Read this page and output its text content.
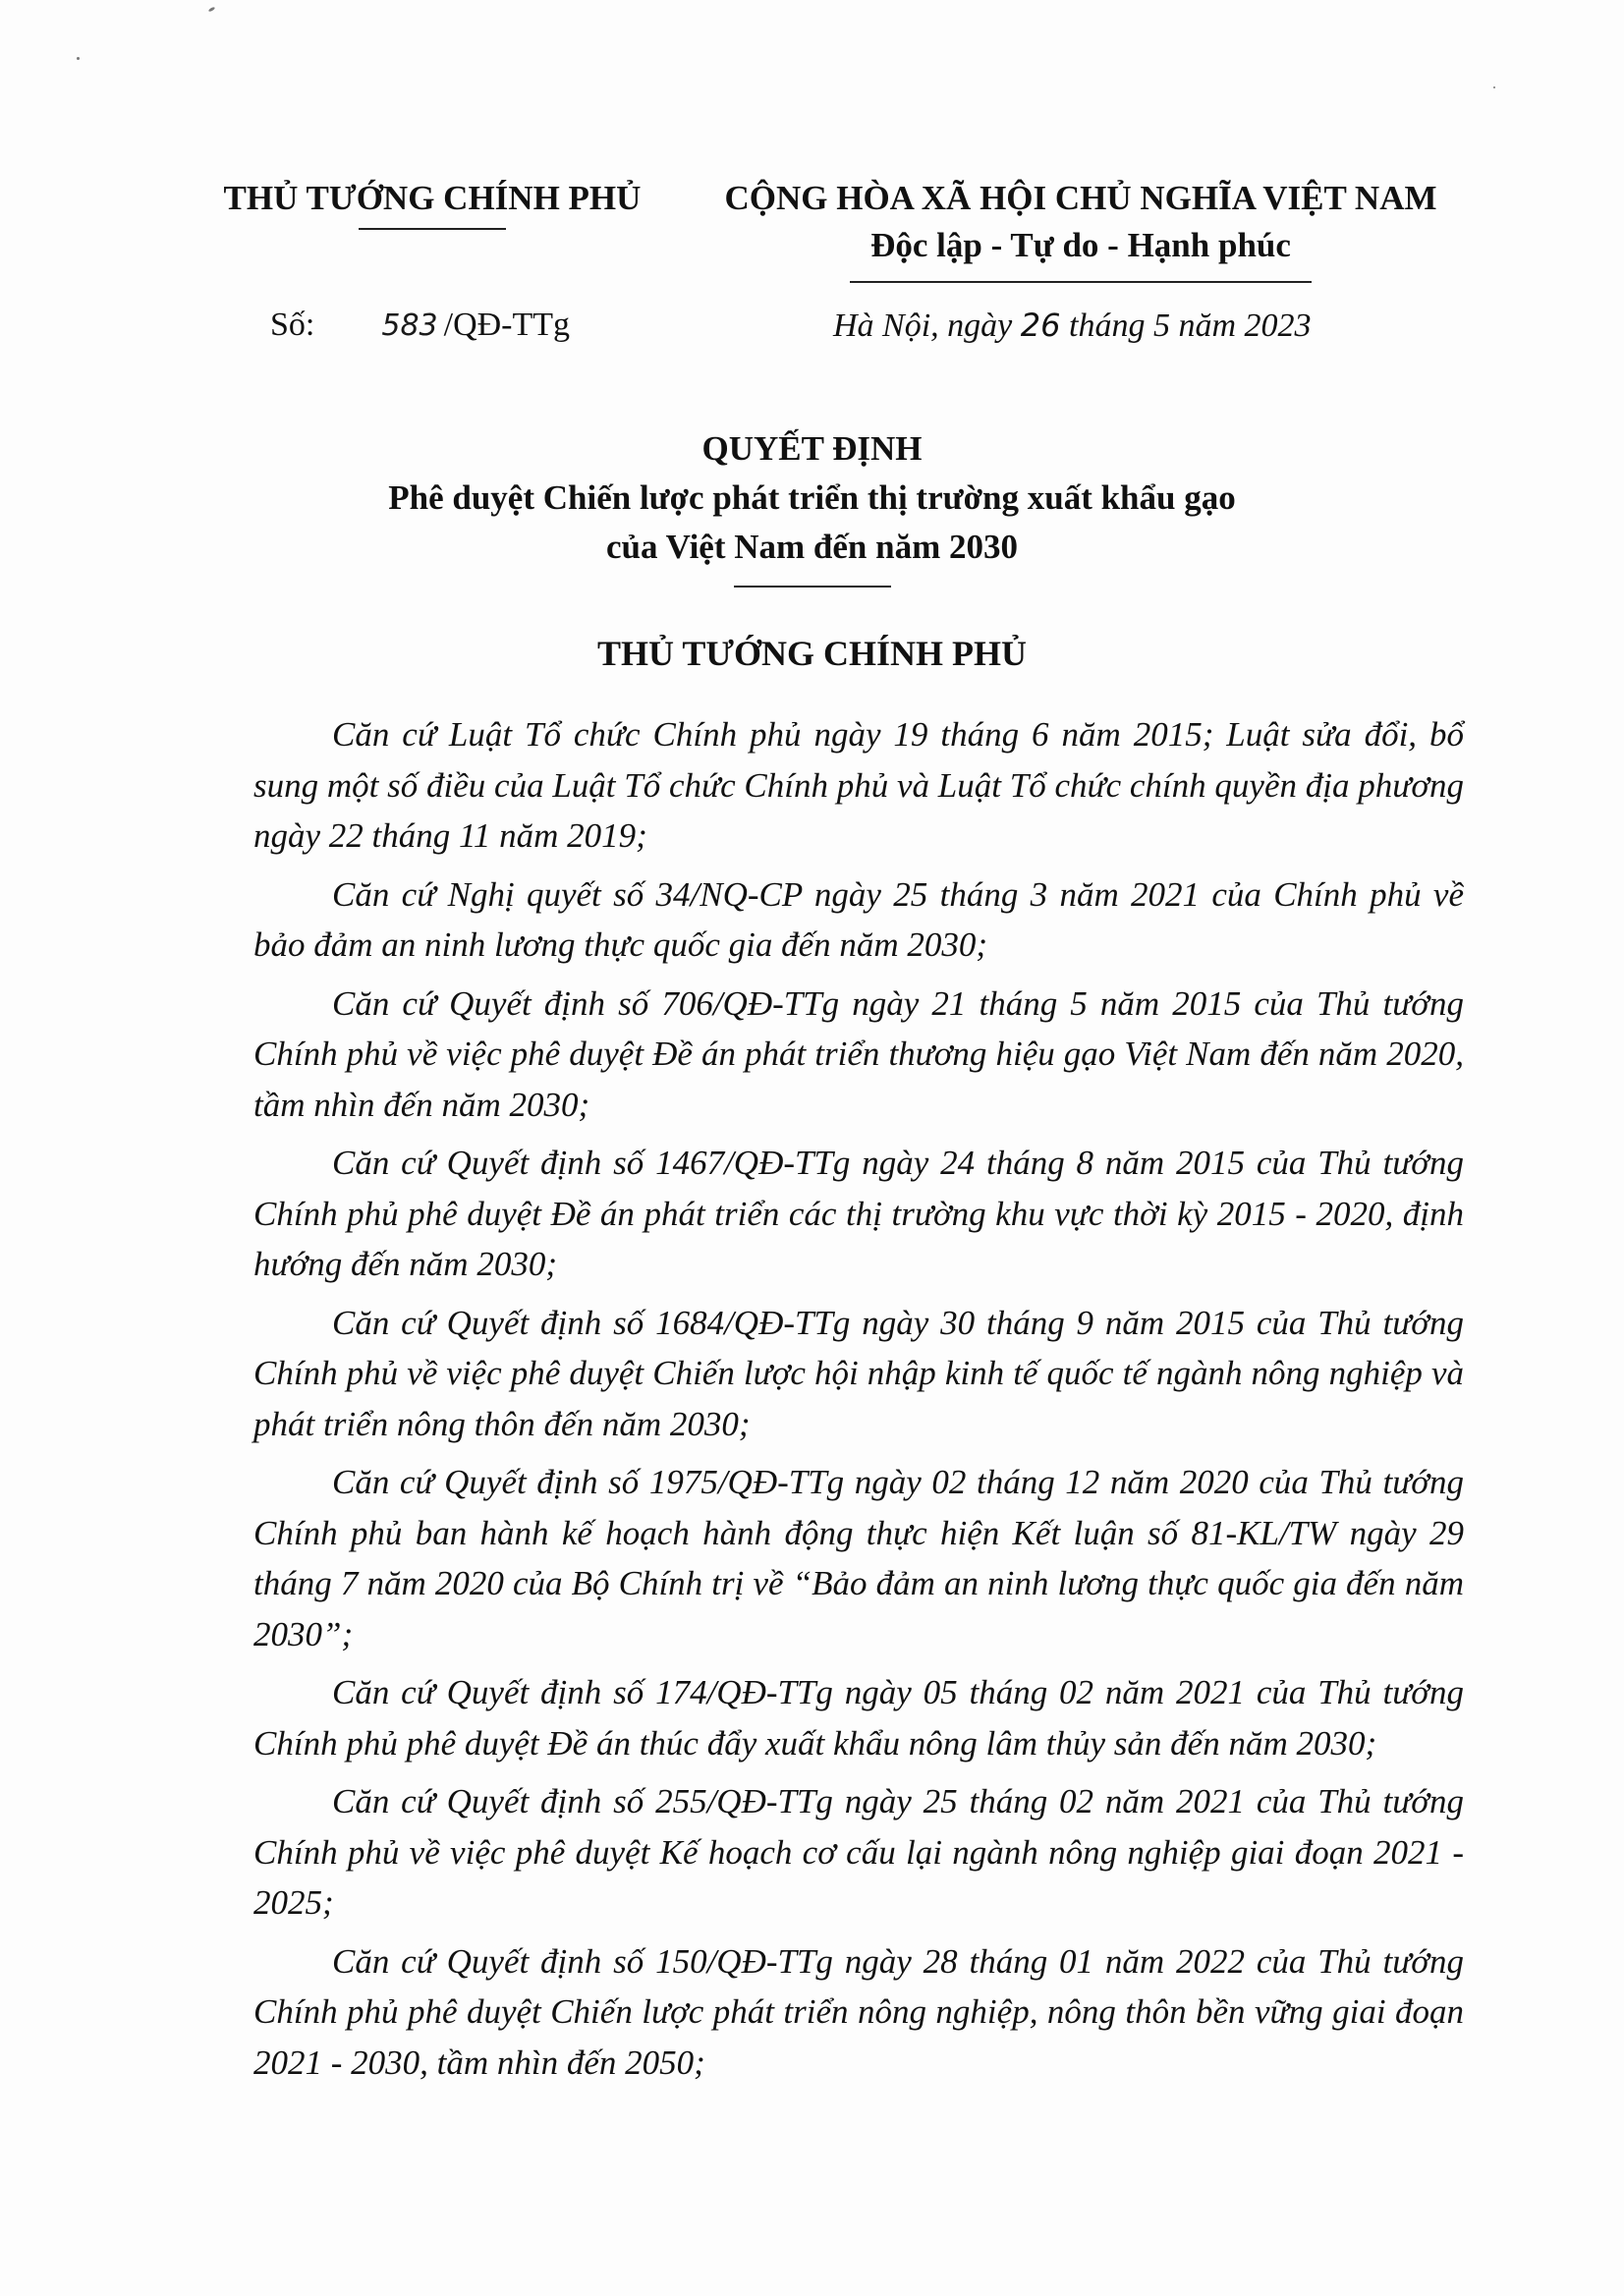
THỦ TƯỚNG CHÍNH PHỦ	CỘNG HÒA XÃ HỘI CHỦ NGHĨA VIỆT NAM
Độc lập - Tự do - Hạnh phúc
Số: 583 /QĐ-TTg	Hà Nội, ngày 26 tháng 5 năm 2023
QUYẾT ĐỊNH
Phê duyệt Chiến lược phát triển thị trường xuất khẩu gạo
của Việt Nam đến năm 2030
THỦ TƯỚNG CHÍNH PHỦ

Căn cứ Luật Tổ chức Chính phủ ngày 19 tháng 6 năm 2015; Luật sửa đổi, bổ sung một số điều của Luật Tổ chức Chính phủ và Luật Tổ chức chính quyền địa phương ngày 22 tháng 11 năm 2019;

Căn cứ Nghị quyết số 34/NQ-CP ngày 25 tháng 3 năm 2021 của Chính phủ về bảo đảm an ninh lương thực quốc gia đến năm 2030;

Căn cứ Quyết định số 706/QĐ-TTg ngày 21 tháng 5 năm 2015 của Thủ tướng Chính phủ về việc phê duyệt Đề án phát triển thương hiệu gạo Việt Nam đến năm 2020, tầm nhìn đến năm 2030;

Căn cứ Quyết định số 1467/QĐ-TTg ngày 24 tháng 8 năm 2015 của Thủ tướng Chính phủ phê duyệt Đề án phát triển các thị trường khu vực thời kỳ 2015 - 2020, định hướng đến năm 2030;

Căn cứ Quyết định số 1684/QĐ-TTg ngày 30 tháng 9 năm 2015 của Thủ tướng Chính phủ về việc phê duyệt Chiến lược hội nhập kinh tế quốc tế ngành nông nghiệp và phát triển nông thôn đến năm 2030;

Căn cứ Quyết định số 1975/QĐ-TTg ngày 02 tháng 12 năm 2020 của Thủ tướng Chính phủ ban hành kế hoạch hành động thực hiện Kết luận số 81-KL/TW ngày 29 tháng 7 năm 2020 của Bộ Chính trị về “Bảo đảm an ninh lương thực quốc gia đến năm 2030”;

Căn cứ Quyết định số 174/QĐ-TTg ngày 05 tháng 02 năm 2021 của Thủ tướng Chính phủ phê duyệt Đề án thúc đẩy xuất khẩu nông lâm thủy sản đến năm 2030;

Căn cứ Quyết định số 255/QĐ-TTg ngày 25 tháng 02 năm 2021 của Thủ tướng Chính phủ về việc phê duyệt Kế hoạch cơ cấu lại ngành nông nghiệp giai đoạn 2021 - 2025;

Căn cứ Quyết định số 150/QĐ-TTg ngày 28 tháng 01 năm 2022 của Thủ tướng Chính phủ phê duyệt Chiến lược phát triển nông nghiệp, nông thôn bền vững giai đoạn 2021 - 2030, tầm nhìn đến 2050;
